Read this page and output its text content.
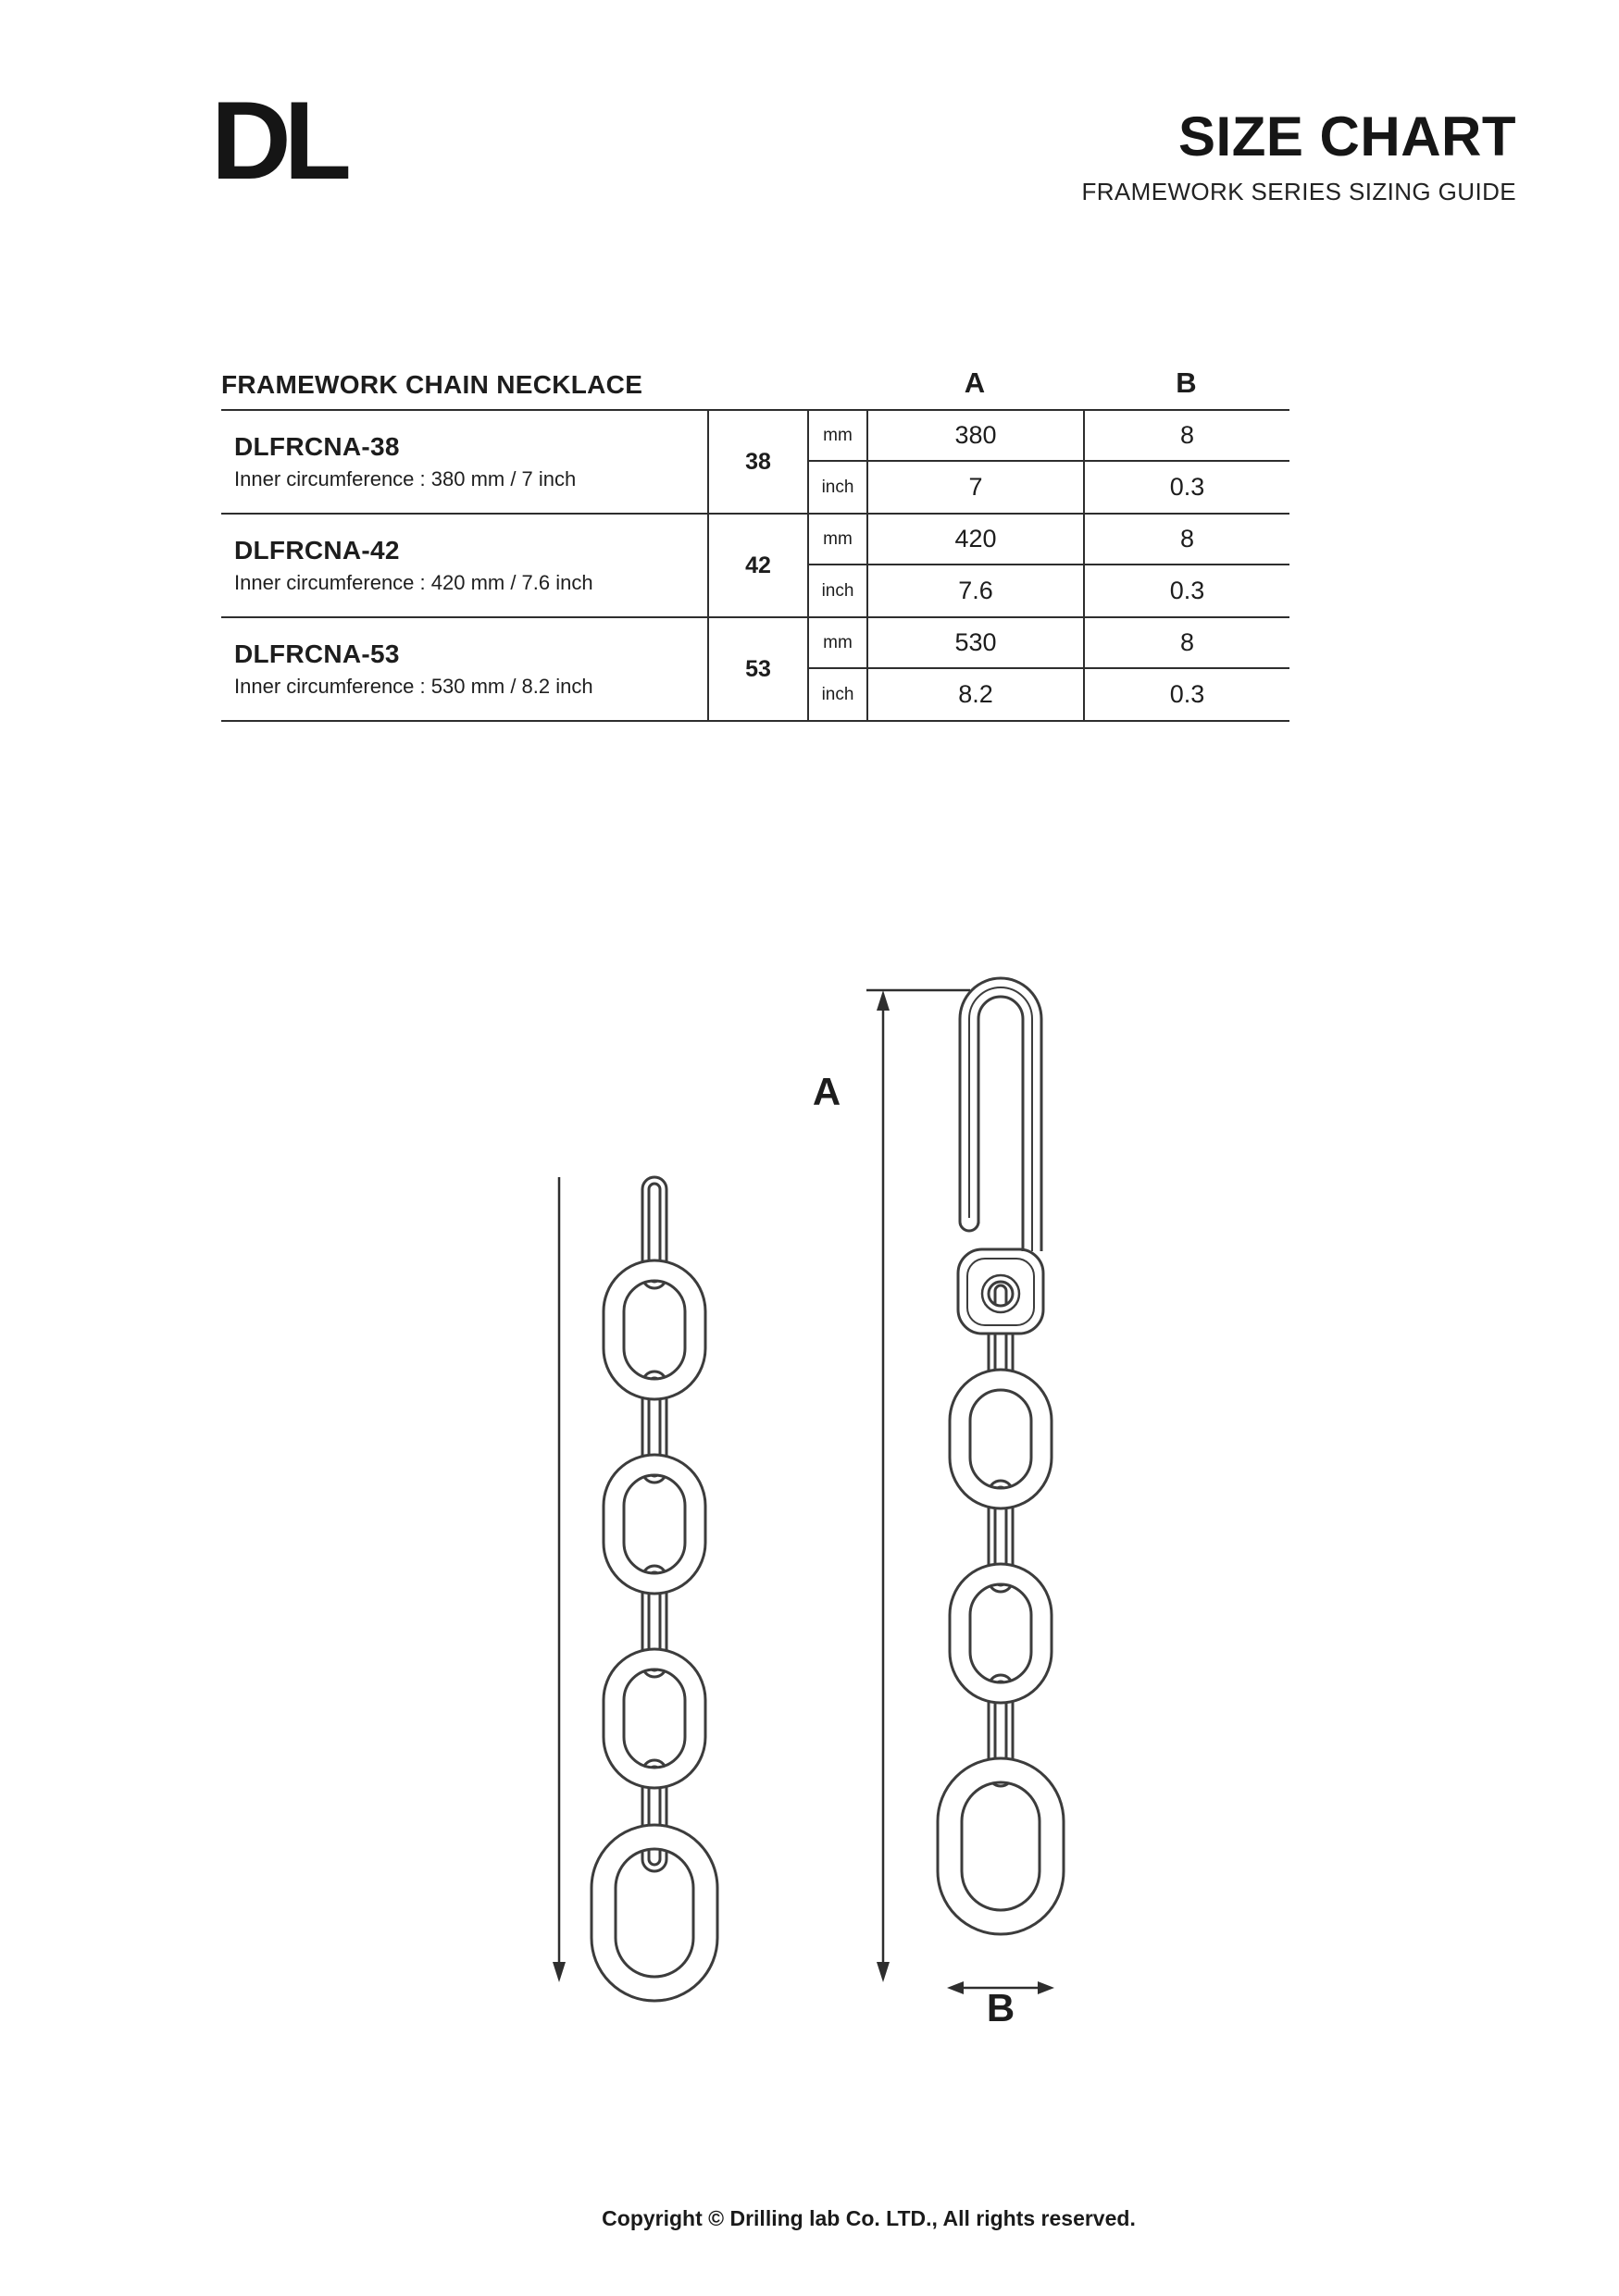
DL	SIZE CHART
FRAMEWORK SERIES SIZING GUIDE
FRAMEWORK CHAIN NECKLACE	A	B
DLFRCNA-38
Inner circumference : 380 mm / 7 inch
38
mm	380	8
inch	7	0.3
DLFRCNA-42
Inner circumference : 420 mm / 7.6 inch
42
mm	420	8
inch	7.6	0.3
DLFRCNA-53
Inner circumference : 530 mm / 8.2 inch
53
mm	530	8
inch	8.2	0.3
A
B
Copyright © Drilling lab Co. LTD., All rights reserved.
